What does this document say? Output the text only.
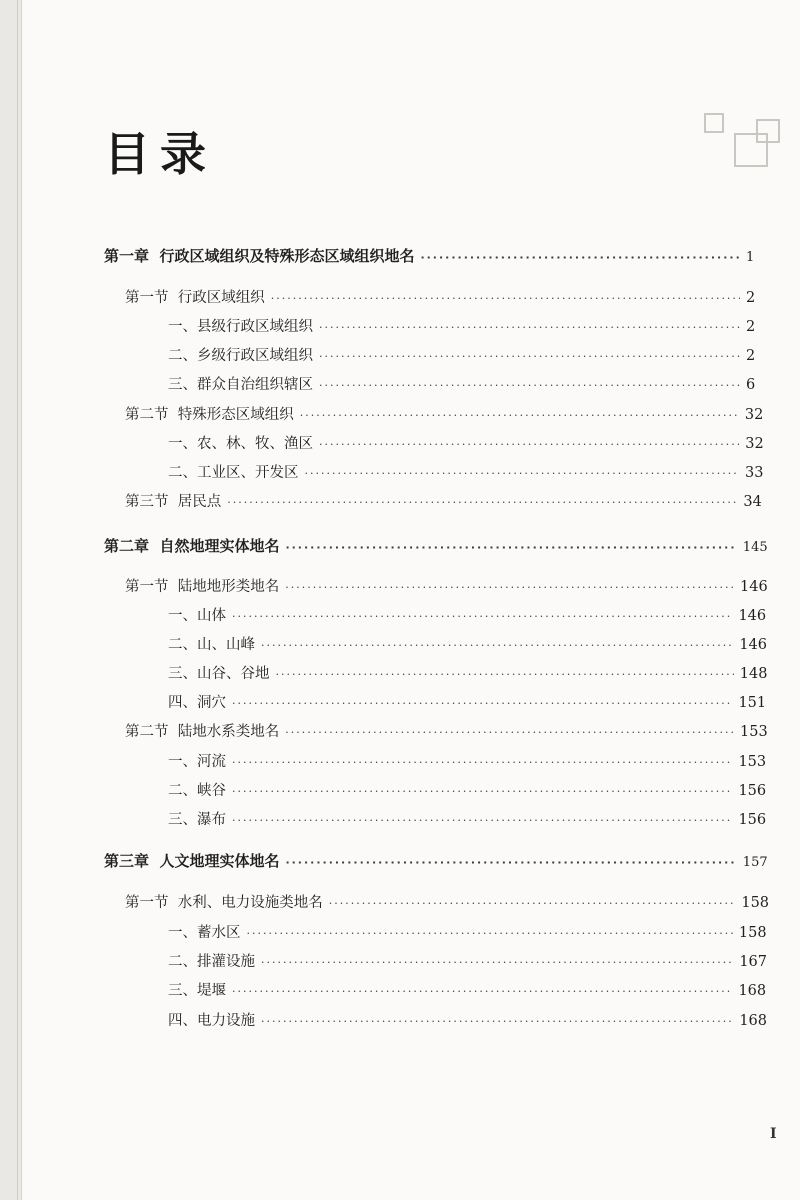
目录
第一章  行政区域组织及特殊形态区域组织地名 ·····	1
第一节  行政区域组织 ·····	2
一、县级行政区域组织 ·····	2
二、乡级行政区域组织 ·····	2
三、群众自治组织辖区 ·····	6
第二节  特殊形态区域组织 ·····	32
一、农、林、牧、渔区 ·····	32
二、工业区、开发区 ·····	33
第三节  居民点 ·····	34
第二章  自然地理实体地名 ·····	145
第一节  陆地地形类地名 ·····	146
一、山体 ·····	146
二、山、山峰 ·····	146
三、山谷、谷地 ·····	148
四、洞穴 ·····	151
第二节  陆地水系类地名 ·····	153
一、河流 ·····	153
二、峡谷 ·····	156
三、瀑布 ·····	156
第三章  人文地理实体地名 ·····	157
第一节  水利、电力设施类地名 ·····	158
一、蓄水区 ·····	158
二、排灌设施 ·····	167
三、堤堰 ·····	168
四、电力设施 ·····	168
I
